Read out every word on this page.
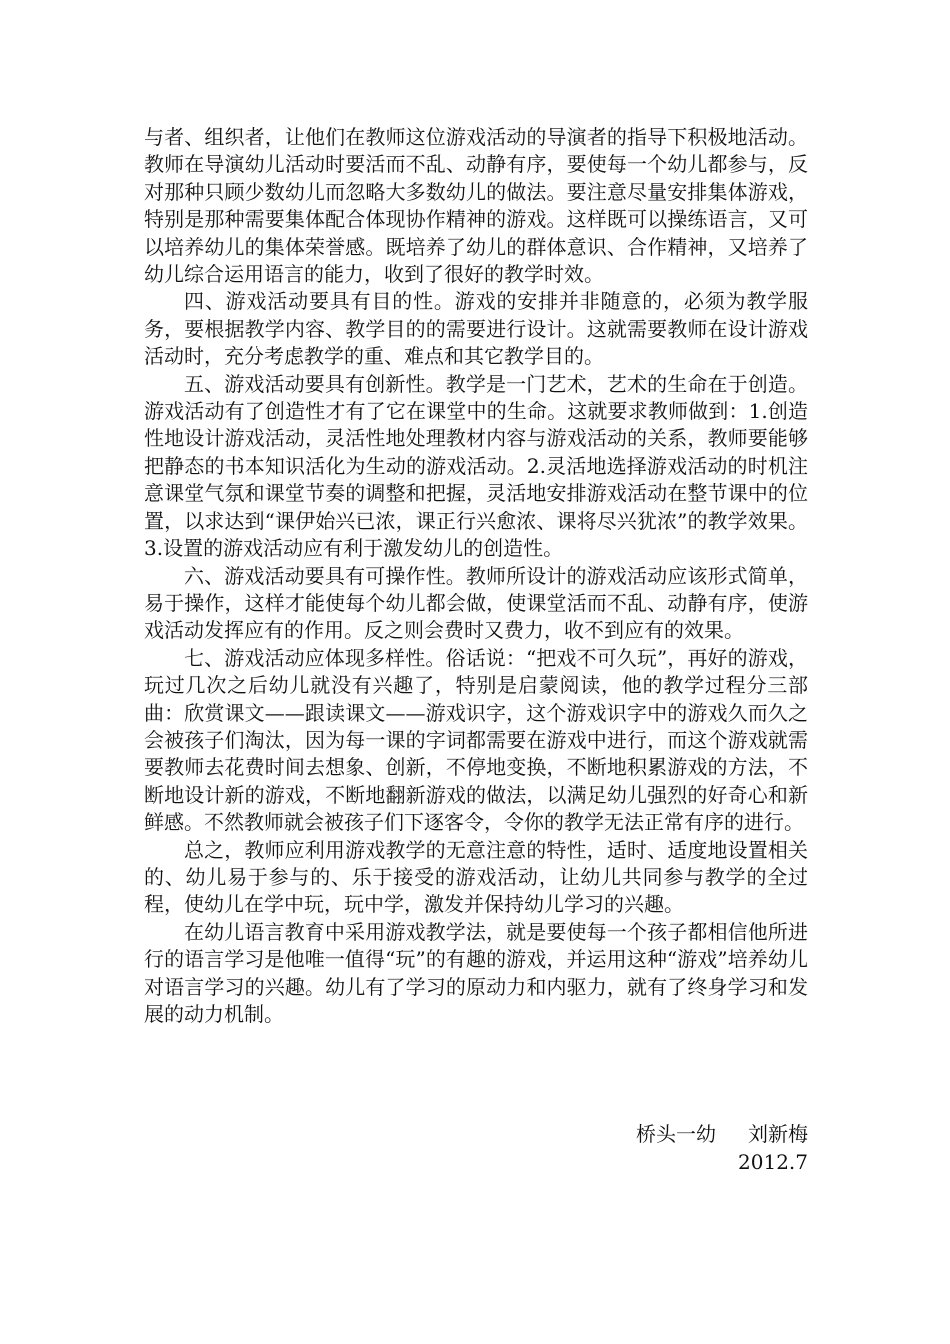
与者、组织者，让他们在教师这位游戏活动的导演者的指导下积极地活动。教师在导演幼儿活动时要活而不乱、动静有序，要使每一个幼儿都参与，反对那种只顾少数幼儿而忽略大多数幼儿的做法。要注意尽量安排集体游戏，特别是那种需要集体配合体现协作精神的游戏。这样既可以操练语言，又可以培养幼儿的集体荣誉感。既培养了幼儿的群体意识、合作精神，又培养了幼儿综合运用语言的能力，收到了很好的教学时效。

四、游戏活动要具有目的性。游戏的安排并非随意的，必须为教学服务，要根据教学内容、教学目的的需要进行设计。这就需要教师在设计游戏活动时，充分考虑教学的重、难点和其它教学目的。

五、游戏活动要具有创新性。教学是一门艺术，艺术的生命在于创造。游戏活动有了创造性才有了它在课堂中的生命。这就要求教师做到：1.创造性地设计游戏活动，灵活性地处理教材内容与游戏活动的关系，教师要能够把静态的书本知识活化为生动的游戏活动。2.灵活地选择游戏活动的时机注意课堂气氛和课堂节奏的调整和把握，灵活地安排游戏活动在整节课中的位置，以求达到“课伊始兴已浓，课正行兴愈浓、课将尽兴犹浓”的教学效果。3.设置的游戏活动应有利于激发幼儿的创造性。

六、游戏活动要具有可操作性。教师所设计的游戏活动应该形式简单，易于操作，这样才能使每个幼儿都会做，使课堂活而不乱、动静有序，使游戏活动发挥应有的作用。反之则会费时又费力，收不到应有的效果。

七、游戏活动应体现多样性。俗话说：“把戏不可久玩”，再好的游戏，玩过几次之后幼儿就没有兴趣了，特别是启蒙阅读，他的教学过程分三部曲：欣赏课文——跟读课文——游戏识字，这个游戏识字中的游戏久而久之会被孩子们淘汰，因为每一课的字词都需要在游戏中进行，而这个游戏就需要教师去花费时间去想象、创新，不停地变换，不断地积累游戏的方法，不断地设计新的游戏，不断地翻新游戏的做法，以满足幼儿强烈的好奇心和新鲜感。不然教师就会被孩子们下逐客令，令你的教学无法正常有序的进行。

总之，教师应利用游戏教学的无意注意的特性，适时、适度地设置相关的、幼儿易于参与的、乐于接受的游戏活动，让幼儿共同参与教学的全过程，使幼儿在学中玩，玩中学，激发并保持幼儿学习的兴趣。

在幼儿语言教育中采用游戏教学法，就是要使每一个孩子都相信他所进行的语言学习是他唯一值得“玩”的有趣的游戏，并运用这种“游戏”培养幼儿对语言学习的兴趣。幼儿有了学习的原动力和内驱力，就有了终身学习和发展的动力机制。

桥头一幼 刘新梅
2012.7
